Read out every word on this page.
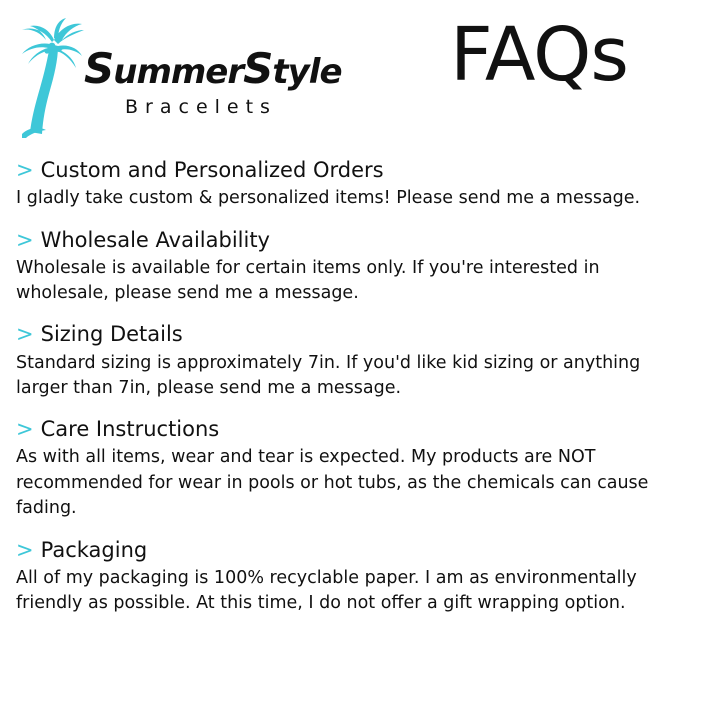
SummerStyle
Bracelets
FAQs
> Custom and Personalized Orders
I gladly take custom & personalized items! Please send me a message.
> Wholesale Availability
Wholesale is available for certain items only. If you're interested in wholesale, please send me a message.
> Sizing Details
Standard sizing is approximately 7in. If you'd like kid sizing or anything larger than 7in, please send me a message.
> Care Instructions
As with all items, wear and tear is expected. My products are NOT recommended for wear in pools or hot tubs, as the chemicals can cause fading.
> Packaging
All of my packaging is 100% recyclable paper. I am as environmentally friendly as possible. At this time, I do not offer a gift wrapping option.
